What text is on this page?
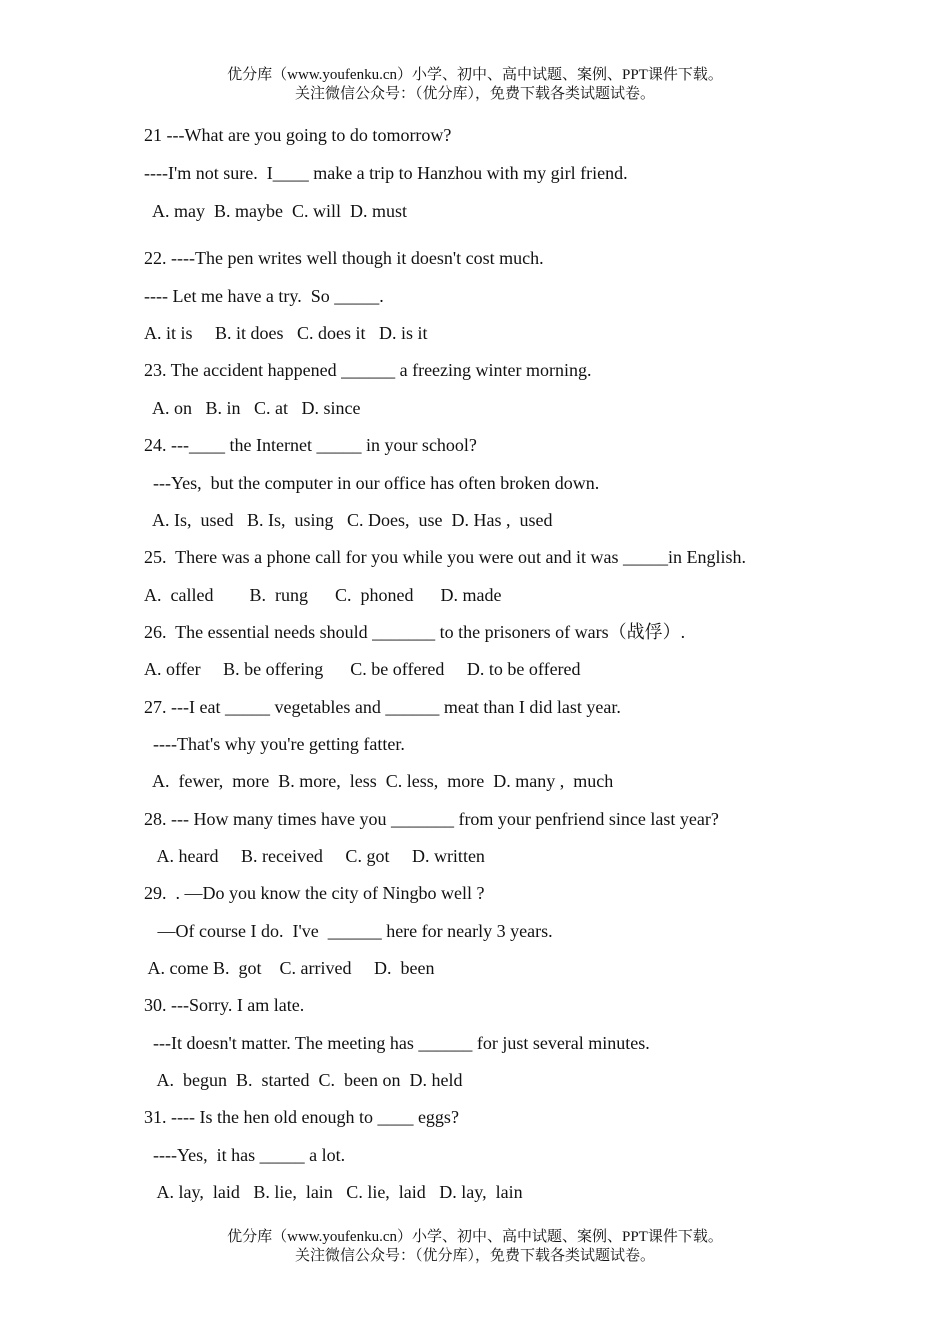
优分库（www.youfenku.cn）小学、初中、高中试题、案例、PPT课件下载。
关注微信公众号：（优分库），免费下载各类试题试卷。
21 ---What are you going to do tomorrow?
----I'm not sure.  I____ make a trip to Hanzhou with my girl friend.
A. may  B. maybe  C. will  D. must
22. ----The pen writes well though it doesn't cost much.
---- Let me have a try.  So _____.
A. it is     B. it does   C. does it   D. is it
23. The accident happened ______ a freezing winter morning.
A. on   B. in   C. at   D. since
24. ---____ the Internet _____ in your school?
---Yes,  but the computer in our office has often broken down.
A. Is,  used   B. Is,  using   C. Does,  use  D. Has ,  used
25.  There was a phone call for you while you were out and it was _____in English.
A.  called        B.  rung      C.  phoned      D. made
26.  The essential needs should _______ to the prisoners of wars（战俘）.
A. offer     B. be offering      C. be offered     D. to be offered
27. ---I eat _____ vegetables and ______ meat than I did last year.
----That's why you're getting fatter.
A.  fewer,  more  B. more,  less  C. less,  more  D. many ,  much
28. --- How many times have you _______ from your penfriend since last year?
A. heard     B. received     C. got     D. written
29.  . —Do you know the city of Ningbo well ?
—Of course I do.  I've  ______ here for nearly 3 years.
A. come B.  got    C. arrived     D.  been
30. ---Sorry. I am late.
---It doesn't matter. The meeting has ______ for just several minutes.
A.  begun  B.  started  C.  been on  D. held
31. ---- Is the hen old enough to ____ eggs?
----Yes,  it has _____ a lot.
A. lay,  laid   B. lie,  lain   C. lie,  laid   D. lay,  lain
优分库（www.youfenku.cn）小学、初中、高中试题、案例、PPT课件下载。
关注微信公众号：（优分库），免费下载各类试题试卷。
